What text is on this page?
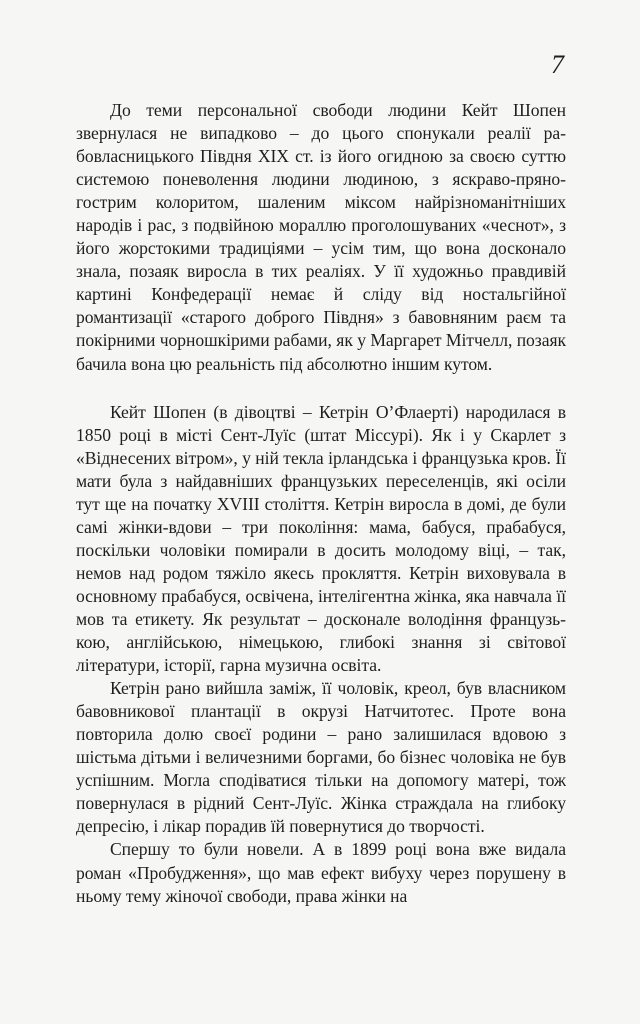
7

До теми персональної свободи людини Кейт Шопен звернулася не випадково – до цього спонукали реалії рабовласницького Півдня XIX ст. із його огидною за своєю суттю системою поневолення людини людиною, з яскраво-пряно-гострим колоритом, шаленим міксом найрізноманітніших народів і рас, з подвійною мораллю проголошуваних «чеснот», з його жорстокими традиціями – усім тим, що вона досконало знала, позаяк виросла в тих реаліях. У її художньо правдивій картині Конфедерації немає й сліду від ностальгійної романтизації «старого доброго Півдня» з бавовняним раєм та покірними чорношкірими рабами, як у Маргарет Мітчелл, позаяк бачила вона цю реальність під абсолютно іншим кутом.

Кейт Шопен (в дівоцтві – Кетрін О’Флаерті) народилася в 1850 році в місті Сент-Луїс (штат Міссурі). Як і у Скарлет з «Віднесених вітром», у ній текла ірландська і французька кров. Її мати була з найдавніших французьких переселенців, які осіли тут ще на початку XVIII століття. Кетрін виросла в домі, де були самі жінки-вдови – три покоління: мама, бабуся, прабабуся, поскільки чоловіки помирали в досить молодому віці, – так, немов над родом тяжіло якесь прокляття. Кетрін виховувала в основному прабабуся, освічена, інтелігентна жінка, яка навчала її мов та етикету. Як результат – досконале володіння французькою, англійською, німецькою, глибокі знання зі світової літератури, історії, гарна музична освіта.

Кетрін рано вийшла заміж, її чоловік, креол, був власником бавовникової плантації в окрузі Натчитотес. Проте вона повторила долю своєї родини – рано залишилася вдовою з шістьма дітьми і величезними боргами, бо бізнес чоловіка не був успішним. Могла сподіватися тільки на допомогу матері, тож повернулася в рідний Сент-Луїс. Жінка страждала на глибоку депресію, і лікар порадив їй повернутися до творчості.

Спершу то були новели. А в 1899 році вона вже видала роман «Пробудження», що мав ефект вибуху через порушену в ньому тему жіночої свободи, права жінки на
